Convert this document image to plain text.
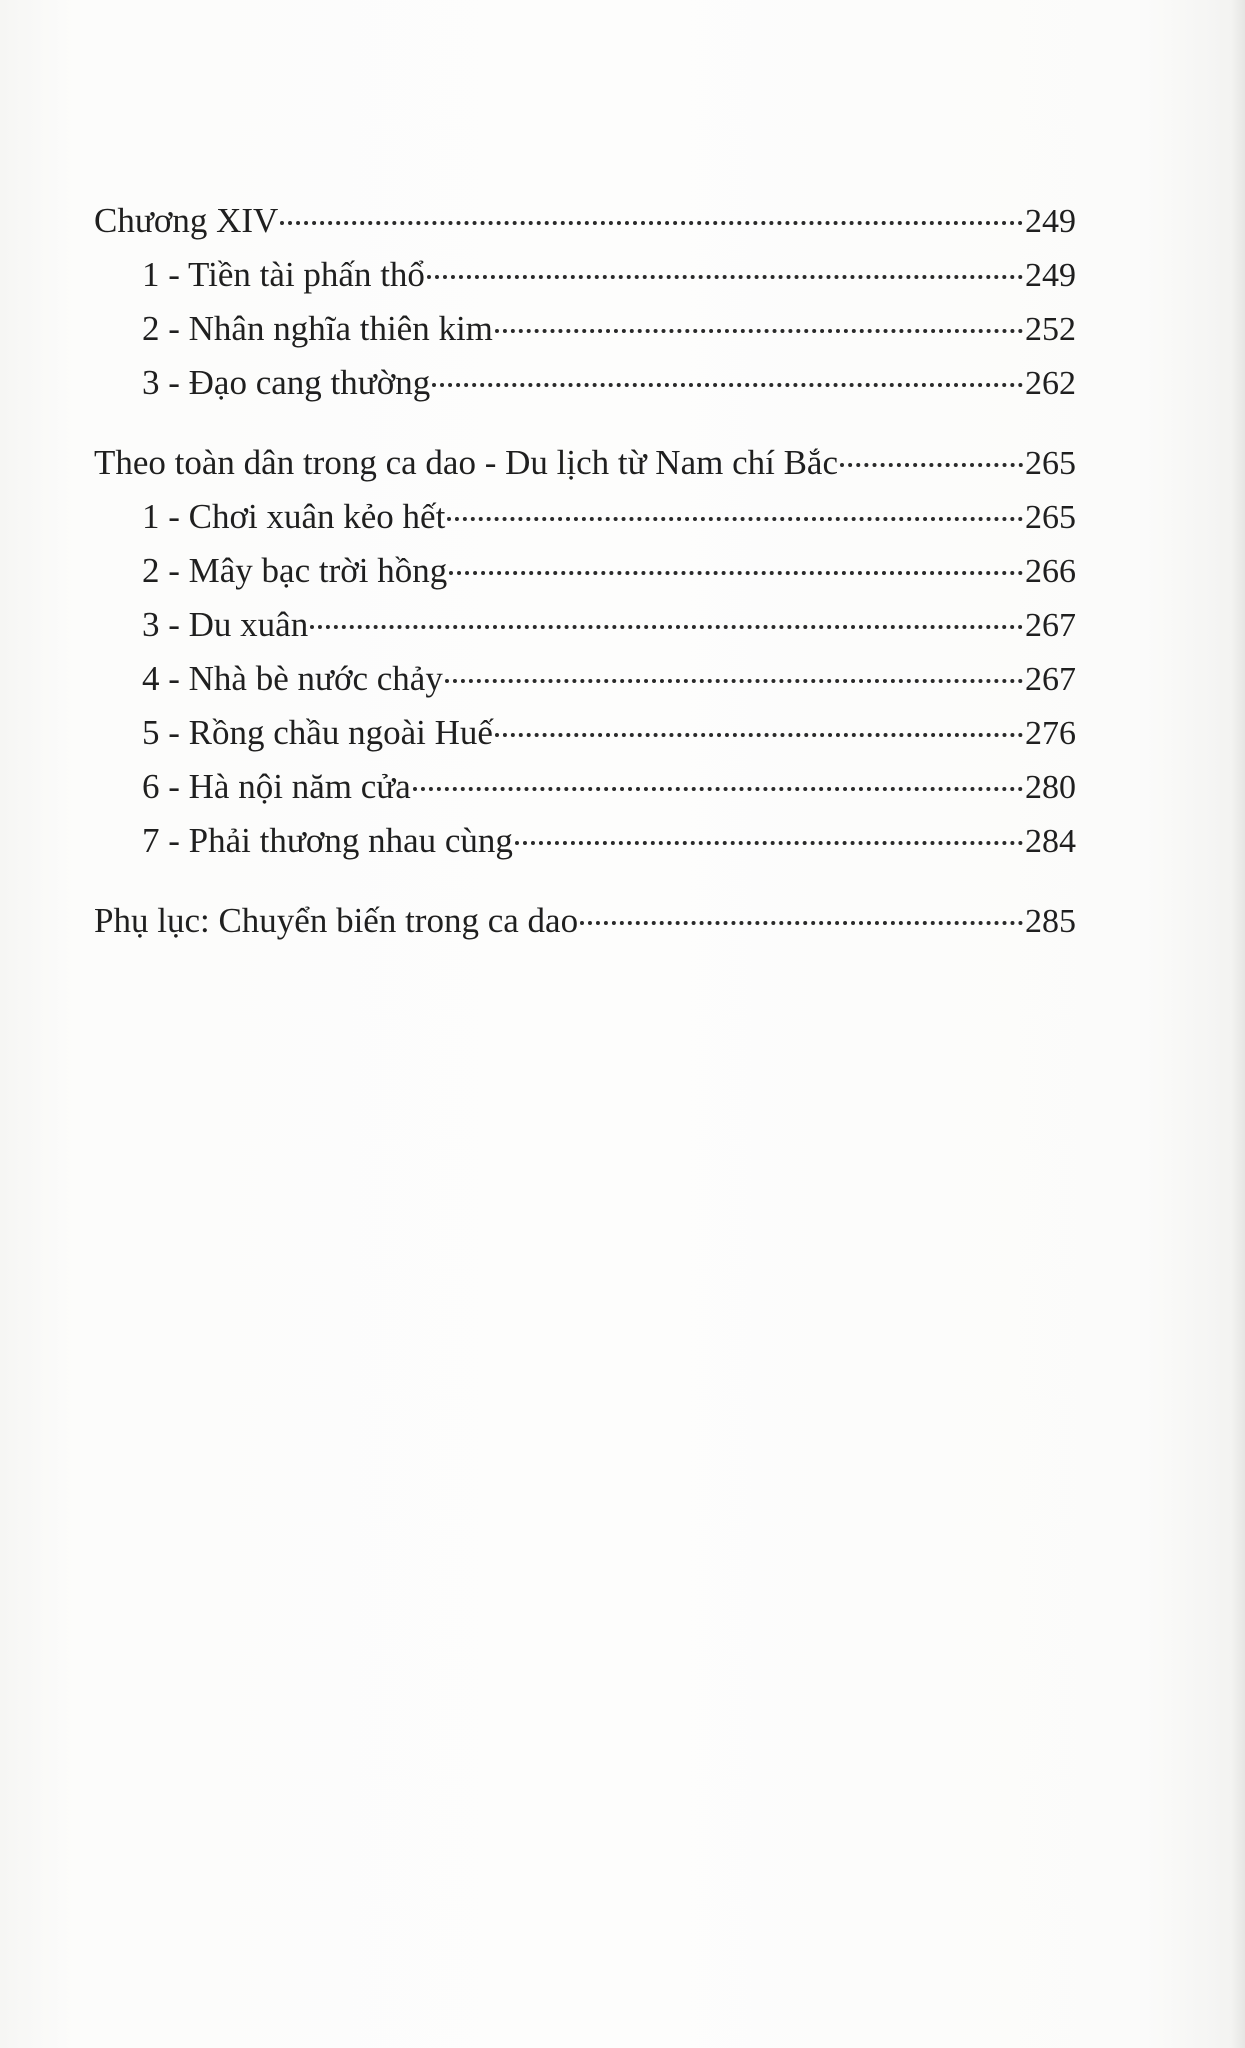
Chương XIV	249
1 - Tiền tài phấn thổ	249
2 - Nhân nghĩa thiên kim	252
3 - Đạo cang thường	262
Theo toàn dân trong ca dao - Du lịch từ Nam chí Bắc	265
1 - Chơi xuân kẻo hết	265
2 - Mây bạc trời hồng	266
3 - Du xuân	267
4 - Nhà bè nước chảy	267
5 - Rồng chầu ngoài Huế	276
6 - Hà nội năm cửa	280
7 - Phải thương nhau cùng	284
Phụ lục: Chuyển biến trong ca dao	285
